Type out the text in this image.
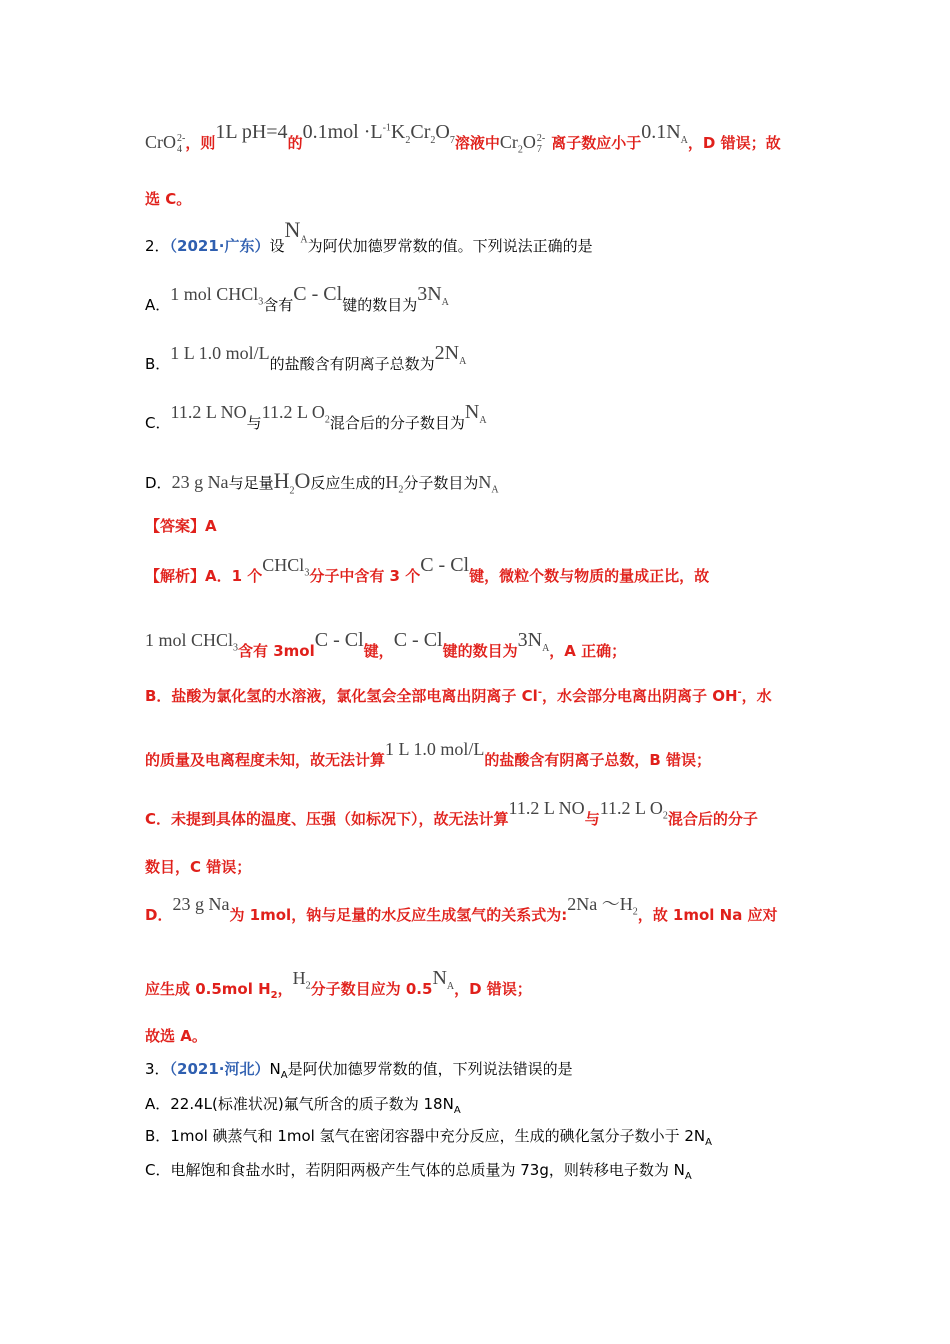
CrO 2-
4 ，则1L pH=4的$0.1mol \cdot L^{-1}K_2Cr_2O_7$溶液中$Cr_2O$ 2-
7 离子数应小于$0.1N_A$，D 错误；故
选 C。
2．（2021·广东）设$N_A$为阿伏加德罗常数的值。下列说法正确的是
A．1 mol CHCl$_3$含有C - Cl键的数目为$3N_A$
B．1 L 1.0 mol/L的盐酸含有阴离子总数为$2N_A$
C．11.2 L NO与11.2 L $O_2$混合后的分子数目为$N_A$
D．23 g Na与足量$H_2O$反应生成的$H_2$分子数目为$N_A$
【答案】A
【解析】A．1 个CHCl$_3$分子中含有 3 个C - Cl键，微粒个数与物质的量成正比，故
1 mol CHCl$_3$含有 3molC - Cl键，C - Cl键的数目为$3N_A$，A 正确；
B．盐酸为氯化氢的水溶液，氯化氢会全部电离出阴离子 Cl-，水会部分电离出阴离子 OH-，水
的质量及电离程度未知，故无法计算1 L 1.0 mol/L的盐酸含有阴离子总数，B 错误；
C．未提到具体的温度、压强（如标况下），故无法计算11.2 L NO与11.2 L $O_2$混合后的分子
数目，C 错误；
D．23 g Na为 1mol，钠与足量的水反应生成氢气的关系式为:2Na $\sim H_2$，故 1mol Na 应对
应生成 0.5mol $H_2$，$H_2$分子数目应为 $0.5N_A$，D 错误；
故选 A。
3．（2021·河北）$N_A$是阿伏加德罗常数的值，下列说法错误的是
A．22.4L(标准状况)氟气所含的质子数为 $18N_A$
B．1mol 碘蒸气和 1mol 氢气在密闭容器中充分反应，生成的碘化氢分子数小于 $2N_A$
C．电解饱和食盐水时，若阴阳两极产生气体的总质量为 73g，则转移电子数为 $N_A$
